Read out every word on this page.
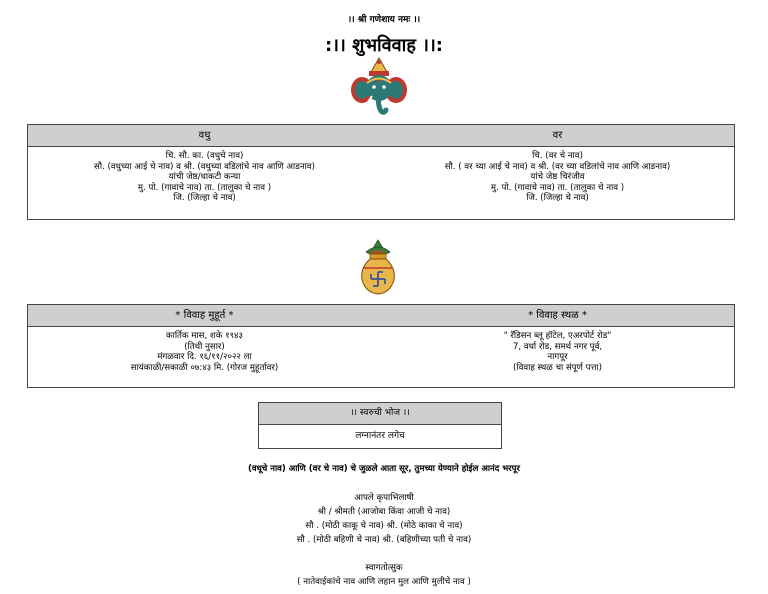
।। श्री गणेशाय नमः ।।
:।। शुभविवाह ।।:
वधु	वर
चि. सौ. का. (वधुचे नाव)
सौ. (वधुच्या आई चे नाव) व श्री. (वधुच्या वडिलांचे नाव आणि आडनाव)
यांची जेष्ठ/धाकटी कन्या
मु. पो. (गावाचे नाव) ता. (तालुका चे नाव )
जि. (जिल्हा चे नाव)
चि. (वर चे नाव)
सौ. ( वर च्या आई चे नाव) व श्री. (वर च्या वडिलांचे नाव आणि आडनाव)
यांचे जेष्ठ चिरंजीव
मु. पो. (गावाचे नाव) ता. (तालुका चे नाव )
जि. (जिल्हा चे नाव)
* विवाह मुहूर्त *	* विवाह स्थळ *
कार्तिक मास, शके १९४३
(तिथी नुसार)
मंगळवार दि. १६/११/२०२२ ला
सायंकाळी/सकाळी ०७:४३ मि. (गोरज मुहूर्तावर)
" रॅडिसन ब्लू हॉटेल, एअरपोर्ट रोड"
7, वर्धा रोड, समर्थ नगर पूर्व,
नागपूर
(विवाह स्थळ चा संपूर्ण पत्ता)
।। स्वरुची भोज ।।
लग्नानंतर लगेच
(वधूचे नाव) आणि (वर चे नाव) चे जुळले आता सूर, तुमच्या येण्याने होईल आनंद भरपूर
आपले कृपाभिलाषी
श्री / श्रीमती (आजोबा किंवा आजी चे नाव)
सौ . (मोठी काकू चे नाव) श्री. (मोठे काका चे नाव)
सौ . (मोठी बहिणी चे नाव) श्री. (बहिणीच्या पती चे नाव)
स्वागतोत्सुक
( नातेवाईकांचे नाव आणि लहान मुल आणि मुलीचे नाव )
